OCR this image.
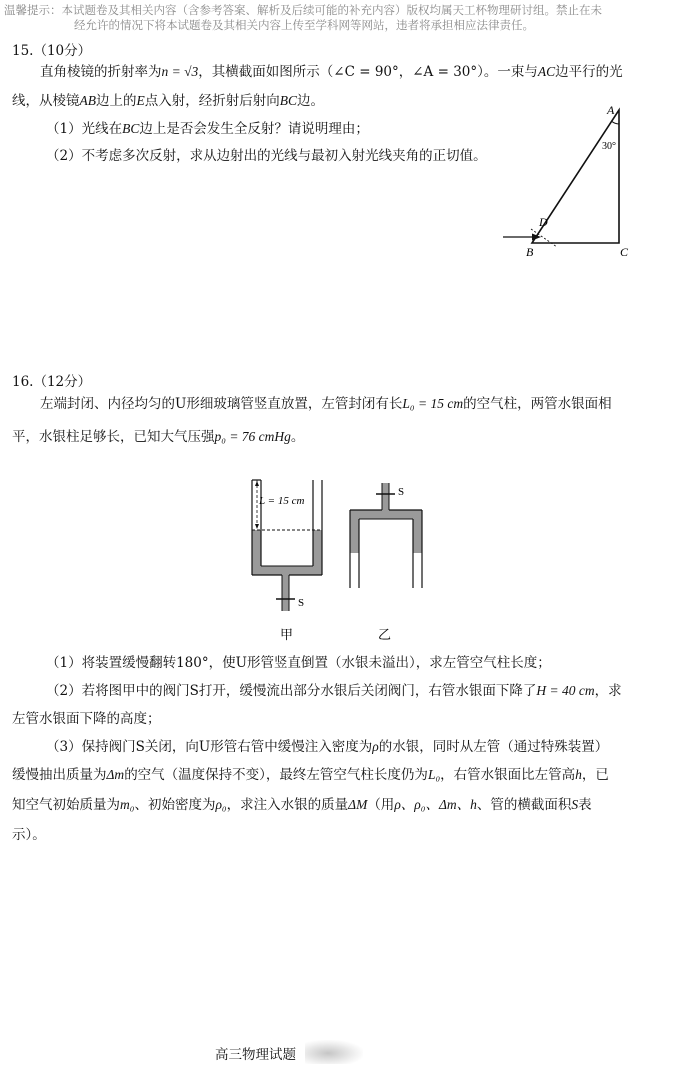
温馨提示：本试题卷及其相关内容（含参考答案、解析及后续可能的补充内容）版权均属天工杯物理研讨组。禁止在未
经允许的情况下将本试题卷及其相关内容上传至学科网等网站，违者将承担相应法律责任。
15.（10分）
直角棱镜的折射率为n = √3，其横截面如图所示（∠C = 90°，∠A = 30°）。一束与AC边平行的光
线，从棱镜AB边上的E点入射，经折射后射向BC边。
（1）光线在BC边上是否会发生全反射？请说明理由；
（2）不考虑多次反射，求从边射出的光线与最初入射光线夹角的正切值。
A
B	C
D
30°
16.（12分）
左端封闭、内径均匀的U形细玻璃管竖直放置，左管封闭有长L₀ = 15 cm的空气柱，两管水银面相
平，水银柱足够长，已知大气压强p₀ = 76 cmHg。
L = 15 cm
S
甲
S
乙
（1）将装置缓慢翻转180°，使U形管竖直倒置（水银未溢出），求左管空气柱长度；
（2）若将图甲中的阀门S打开，缓慢流出部分水银后关闭阀门，右管水银面下降了H = 40 cm，求
左管水银面下降的高度；
（3）保持阀门S关闭，向U形管右管中缓慢注入密度为ρ的水银，同时从左管（通过特殊装置）
缓慢抽出质量为Δm的空气（温度保持不变），最终左管空气柱长度仍为L₀，右管水银面比左管高h，已
知空气初始质量为m₀、初始密度为ρ₀，求注入水银的质量ΔM（用ρ、ρ₀、Δm、h、管的横截面积S表
示）。
高三物理试题
